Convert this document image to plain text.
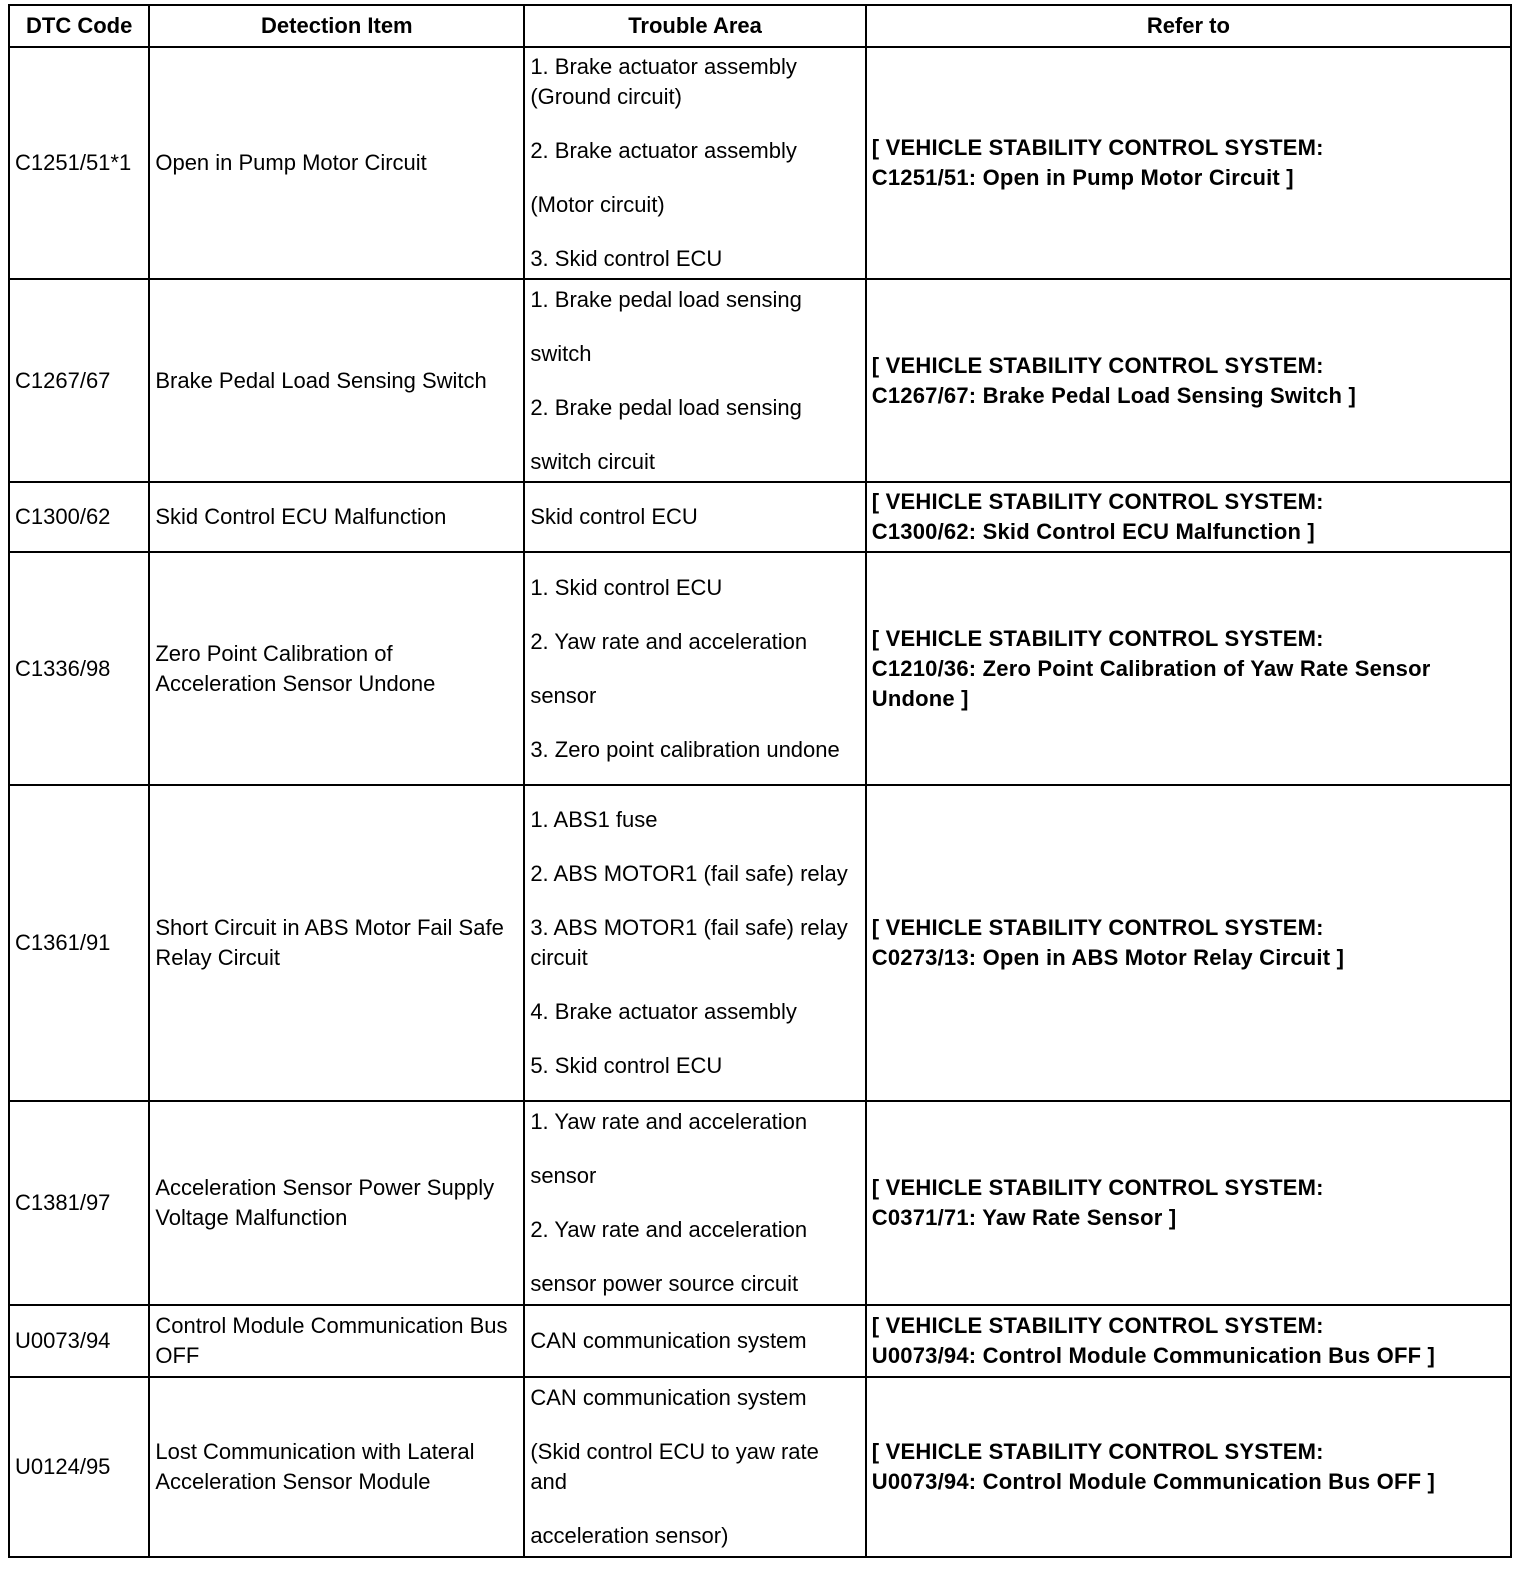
DTC Code	Detection Item	Trouble Area	Refer to
C1251/51*1	Open in Pump Motor Circuit	1. Brake actuator assembly (Ground circuit)
2. Brake actuator assembly
(Motor circuit)
3. Skid control ECU	[ VEHICLE STABILITY CONTROL SYSTEM:
C1251/51: Open in Pump Motor Circuit ]

C1267/67	Brake Pedal Load Sensing Switch	1. Brake pedal load sensing
switch
2. Brake pedal load sensing
switch circuit	[ VEHICLE STABILITY CONTROL SYSTEM:
C1267/67: Brake Pedal Load Sensing Switch ]

C1300/62	Skid Control ECU Malfunction	Skid control ECU	[ VEHICLE STABILITY CONTROL SYSTEM:
C1300/62: Skid Control ECU Malfunction ]

C1336/98	Zero Point Calibration of Acceleration Sensor Undone	1. Skid control ECU
2. Yaw rate and acceleration
sensor
3. Zero point calibration undone	[ VEHICLE STABILITY CONTROL SYSTEM:
C1210/36: Zero Point Calibration of Yaw Rate Sensor Undone ]

C1361/91	Short Circuit in ABS Motor Fail Safe Relay Circuit	1. ABS1 fuse
2. ABS MOTOR1 (fail safe) relay
3. ABS MOTOR1 (fail safe) relay circuit
4. Brake actuator assembly
5. Skid control ECU	[ VEHICLE STABILITY CONTROL SYSTEM:
C0273/13: Open in ABS Motor Relay Circuit ]

C1381/97	Acceleration Sensor Power Supply Voltage Malfunction	1. Yaw rate and acceleration
sensor
2. Yaw rate and acceleration
sensor power source circuit	[ VEHICLE STABILITY CONTROL SYSTEM:
C0371/71: Yaw Rate Sensor ]

U0073/94	Control Module Communication Bus OFF	CAN communication system	[ VEHICLE STABILITY CONTROL SYSTEM:
U0073/94: Control Module Communication Bus OFF ]

U0124/95	Lost Communication with Lateral Acceleration Sensor Module	CAN communication system
(Skid control ECU to yaw rate and
acceleration sensor)	[ VEHICLE STABILITY CONTROL SYSTEM:
U0073/94: Control Module Communication Bus OFF ]
